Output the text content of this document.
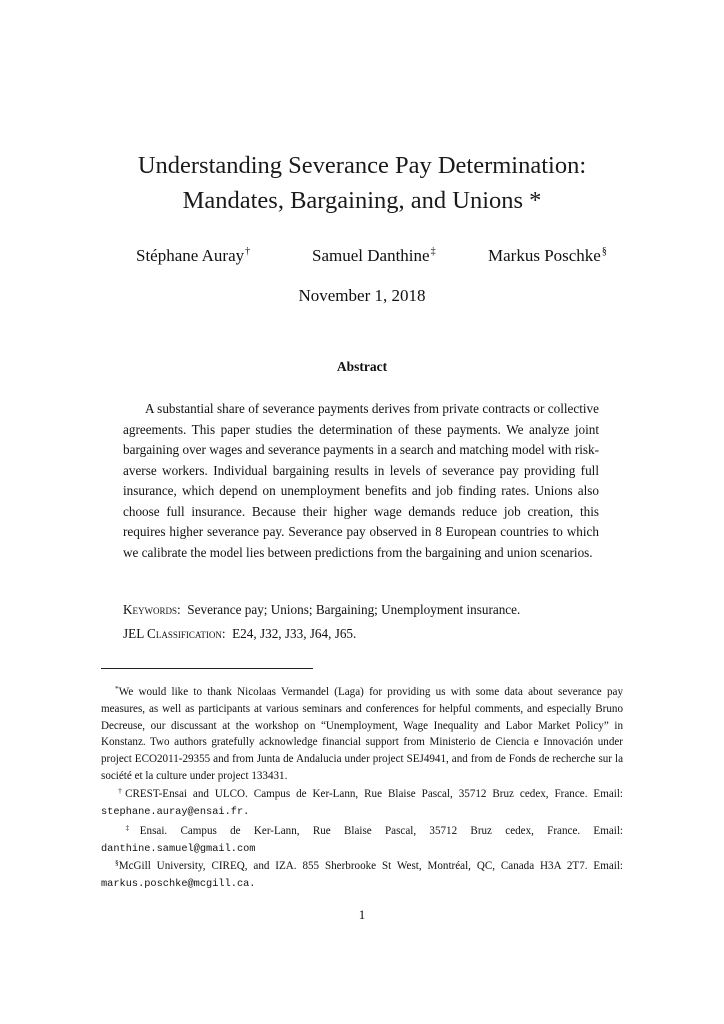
Understanding Severance Pay Determination:
Mandates, Bargaining, and Unions *
Stéphane Auray†	Samuel Danthine‡	Markus Poschke§
November 1, 2018
Abstract

A substantial share of severance payments derives from private contracts or collective agreements. This paper studies the determination of these payments. We analyze joint bargaining over wages and severance payments in a search and matching model with risk-averse workers. Individual bargaining results in levels of severance pay providing full insurance, which depend on unemployment benefits and job finding rates. Unions also choose full insurance. Because their higher wage demands reduce job creation, this requires higher severance pay. Severance pay observed in 8 European countries to which we calibrate the model lies between predictions from the bargaining and union scenarios.

Keywords: Severance pay; Unions; Bargaining; Unemployment insurance.
JEL Classification: E24, J32, J33, J64, J65.

*We would like to thank Nicolaas Vermandel (Laga) for providing us with some data about severance pay measures, as well as participants at various seminars and conferences for helpful comments, and especially Bruno Decreuse, our discussant at the workshop on “Unemployment, Wage Inequality and Labor Market Policy” in Konstanz. Two authors gratefully acknowledge financial support from Ministerio de Ciencia e Innovación under project ECO2011-29355 and from Junta de Andalucia under project SEJ4941, and from de Fonds de recherche sur la société et la culture under project 133431.

†CREST-Ensai and ULCO. Campus de Ker-Lann, Rue Blaise Pascal, 35712 Bruz cedex, France. Email: stephane.auray@ensai.fr.

‡Ensai. Campus de Ker-Lann, Rue Blaise Pascal, 35712 Bruz cedex, France. Email: danthine.samuel@gmail.com

§McGill University, CIREQ, and IZA. 855 Sherbrooke St West, Montréal, QC, Canada H3A 2T7. Email: markus.poschke@mcgill.ca.

1
